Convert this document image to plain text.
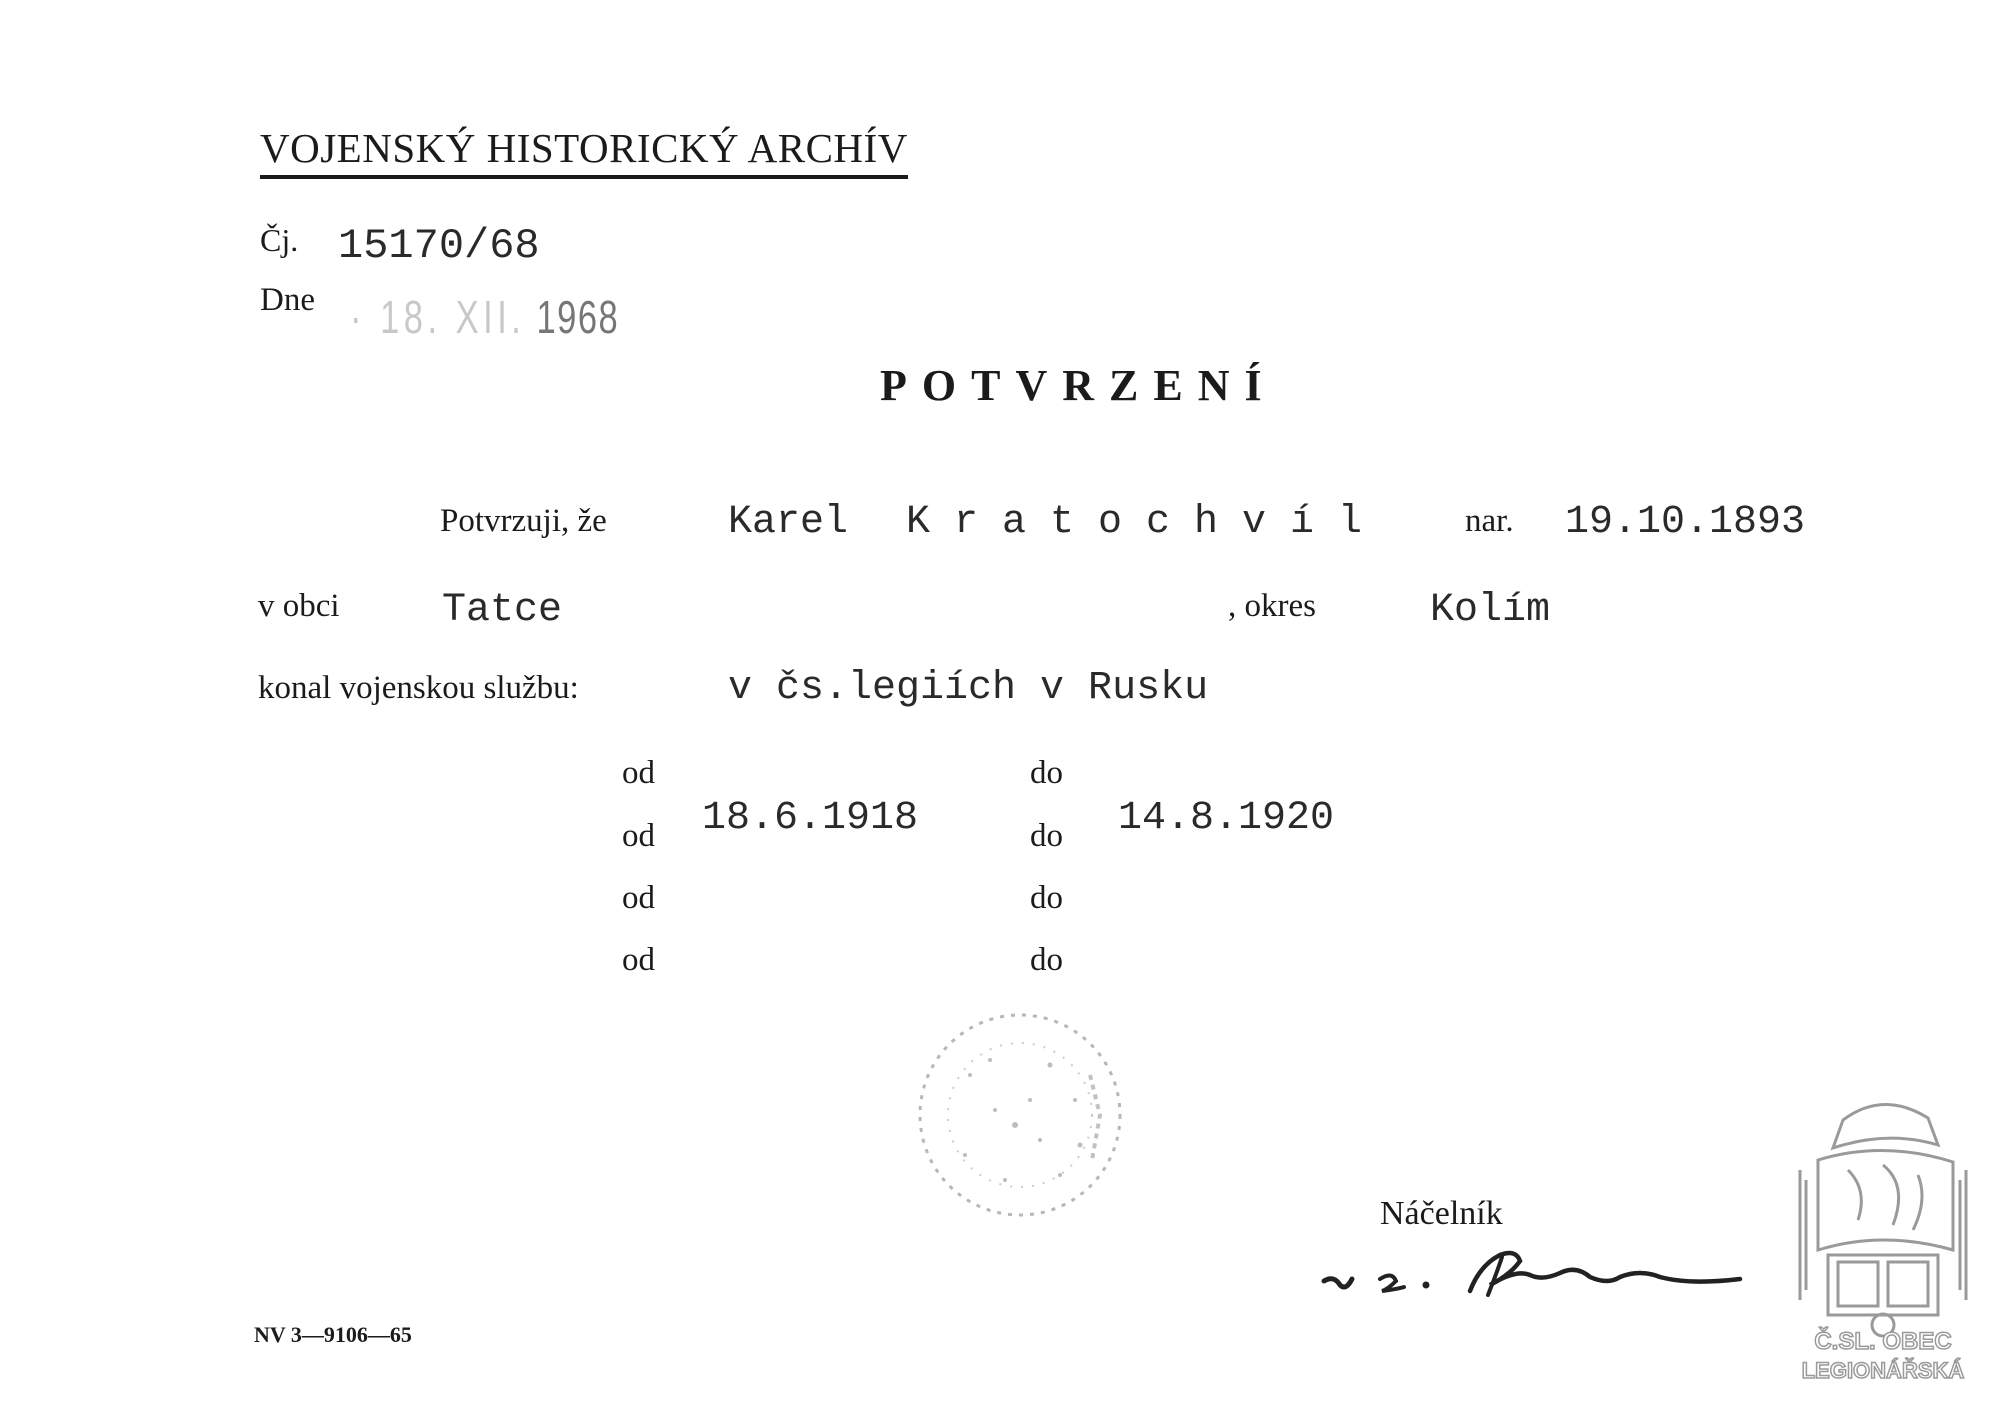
VOJENSKÝ HISTORICKÝ ARCHÍV
Čj. 15170/68
Dne · 18. XII. 1968
POTVRZENÍ
Potvrzuji, že	Karel Kratochvíl nar. 19.10.1893
v obci	Tatce	, okres	Kolím
konal vojenskou službu:	v čs.legiích v Rusku
od	do
od 18.6.1918	do 14.8.1920
od	do
od	do
Náčelník
NV 3—9106—65	Č.SL. OBEC
LEGIONÁŘSKÁ
